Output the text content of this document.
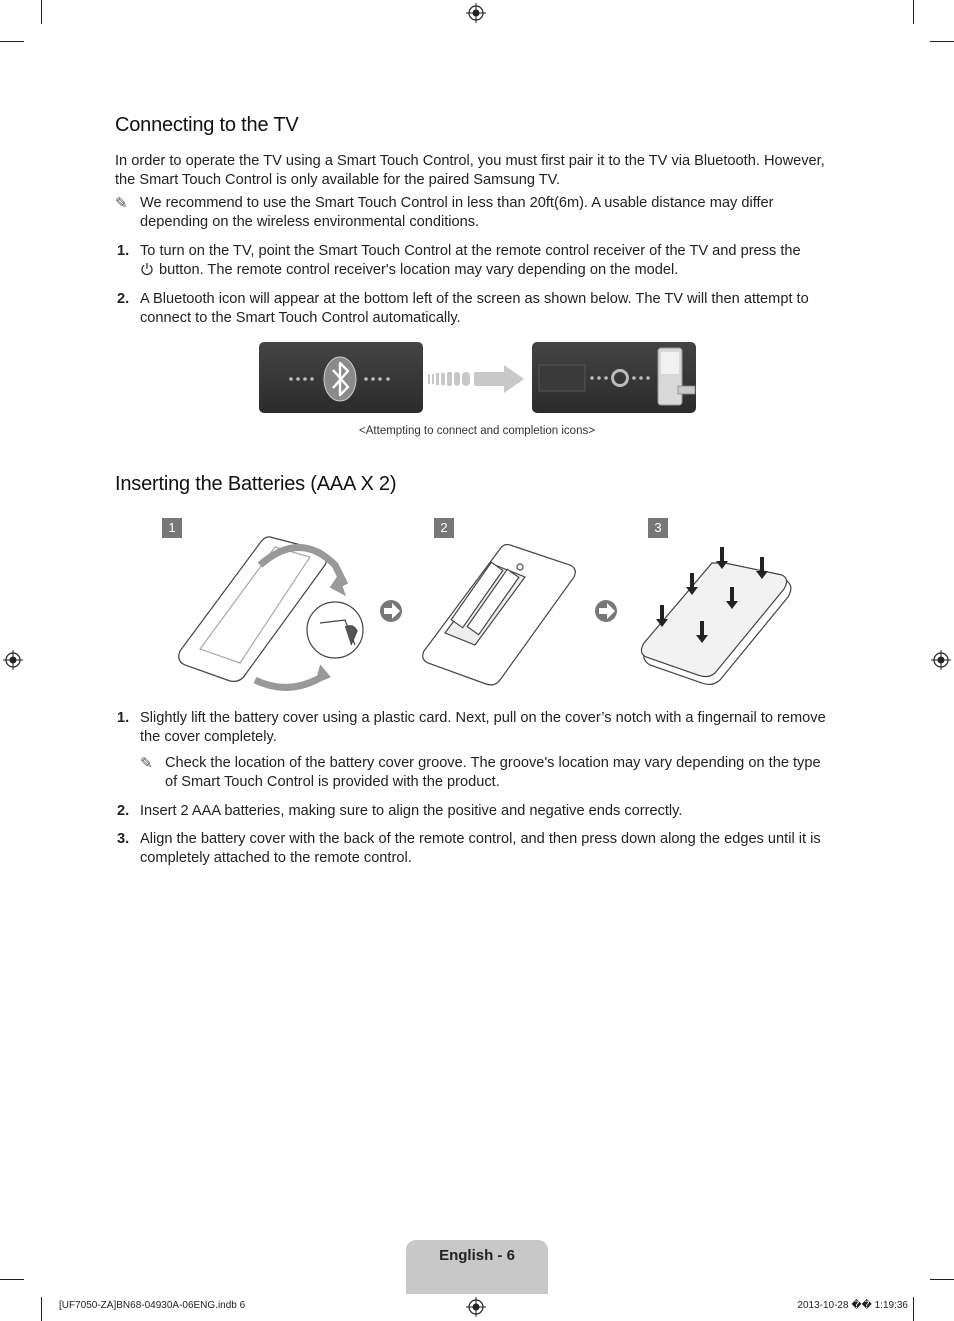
Connecting to the TV

In order to operate the TV using a Smart Touch Control, you must first pair it to the TV via Bluetooth. However, the Smart Touch Control is only available for the paired Samsung TV.

✎ We recommend to use the Smart Touch Control in less than 20ft(6m). A usable distance may differ depending on the wireless environmental conditions.
1. To turn on the TV, point the Smart Touch Control at the remote control receiver of the TV and press the
button. The remote control receiver's location may vary depending on the model.
2. A Bluetooth icon will appear at the bottom left of the screen as shown below. The TV will then attempt to connect to the Smart Touch Control automatically.
<Attempting to connect and completion icons>
Inserting the Batteries (AAA X 2)
1	2	3
1. Slightly lift the battery cover using a plastic card. Next, pull on the cover’s notch with a fingernail to remove the cover completely.
✎ Check the location of the battery cover groove. The groove's location may vary depending on the type of Smart Touch Control is provided with the product.
2. Insert 2 AAA batteries, making sure to align the positive and negative ends correctly.
3. Align the battery cover with the back of the remote control, and then press down along the edges until it is completely attached to the remote control.
English - 6
[UF7050-ZA]BN68-04930A-06ENG.indb 6	2013-10-28 �� 1:19:36
